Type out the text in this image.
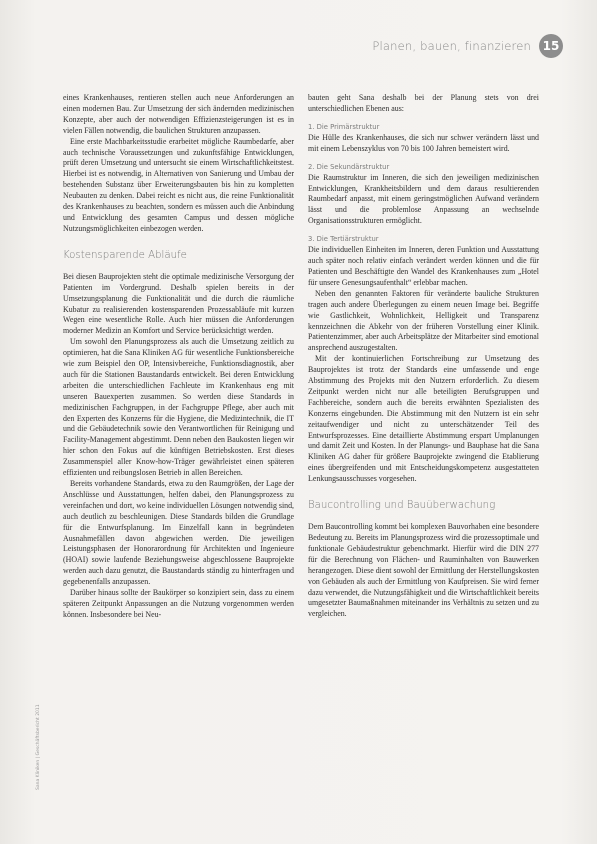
Planen, bauen, finanzieren 15

eines Krankenhauses, rentieren stellen auch neue Anforderungen an einen modernen Bau. Zur Umsetzung der sich ändernden medizinischen Konzepte, aber auch der notwendigen Effizienzsteigerungen ist es in vielen Fällen notwendig, die baulichen Strukturen anzupassen.

Eine erste Machbarkeitsstudie erarbeitet mögliche Raumbedarfe, aber auch technische Voraussetzungen und zukunftsfähige Entwicklungen, prüft deren Umsetzung und untersucht sie einem Wirtschaftlichkeitstest. Hierbei ist es notwendig, in Alternativen von Sanierung und Umbau der bestehenden Substanz über Erweiterungsbauten bis hin zu kompletten Neubauten zu denken. Dabei reicht es nicht aus, die reine Funktionalität des Krankenhauses zu beachten, sondern es müssen auch die Anbindung und Entwicklung des gesamten Campus und dessen mögliche Nutzungsmöglichkeiten einbezogen werden.

Kostensparende Abläufe

Bei diesen Bauprojekten steht die optimale medizinische Versorgung der Patienten im Vordergrund. Deshalb spielen bereits in der Umsetzungsplanung die Funktionalität und die durch die räumliche Kubatur zu realisierenden kostensparenden Prozessabläufe mit kurzen Wegen eine wesentliche Rolle. Auch hier müssen die Anforderungen moderner Medizin an Komfort und Service berücksichtigt werden.

Um sowohl den Planungsprozess als auch die Umsetzung zeitlich zu optimieren, hat die Sana Kliniken AG für wesentliche Funktionsbereiche wie zum Beispiel den OP, Intensivbereiche, Funktionsdiagnostik, aber auch für die Stationen Baustandards entwickelt. Bei deren Entwicklung arbeiten die unterschiedlichen Fachleute im Krankenhaus eng mit unseren Bauexperten zusammen. So werden diese Standards in medizinischen Fachgruppen, in der Fachgruppe Pflege, aber auch mit den Experten des Konzerns für die Hygiene, die Medizintechnik, die IT und die Gebäudetechnik sowie den Verantwortlichen für Reinigung und Facility-Management abgestimmt. Denn neben den Baukosten liegen wir hier schon den Fokus auf die künftigen Betriebskosten. Erst dieses Zusammenspiel aller Know-how-Träger gewährleistet einen späteren effizienten und reibungslosen Betrieb in allen Bereichen.

Bereits vorhandene Standards, etwa zu den Raumgrößen, der Lage der Anschlüsse und Ausstattungen, helfen dabei, den Planungsprozess zu vereinfachen und dort, wo keine individuellen Lösungen notwendig sind, auch deutlich zu beschleunigen. Diese Standards bilden die Grundlage für die Entwurfsplanung. Im Einzelfall kann in begründeten Ausnahmefällen davon abgewichen werden. Die jeweiligen Leistungsphasen der Honorarordnung für Architekten und Ingenieure (HOAI) sowie laufende Beziehungsweise abgeschlossene Bauprojekte werden auch dazu genutzt, die Baustandards ständig zu hinterfragen und gegebenenfalls anzupassen.

Darüber hinaus sollte der Baukörper so konzipiert sein, dass zu einem späteren Zeitpunkt Anpassungen an die Nutzung vorgenommen werden können. Insbesondere bei Neu-

bauten geht Sana deshalb bei der Planung stets von drei unterschiedlichen Ebenen aus:

1. Die Primärstruktur

Die Hülle des Krankenhauses, die sich nur schwer verändern lässt und mit einem Lebenszyklus von 70 bis 100 Jahren bemeistert wird.

2. Die Sekundärstruktur

Die Raumstruktur im Inneren, die sich den jeweiligen medizinischen Entwicklungen, Krankheitsbildern und dem daraus resultierenden Raumbedarf anpasst, mit einem geringstmöglichen Aufwand verändern lässt und die problemlose Anpassung an wechselnde Organisationsstrukturen ermöglicht.

3. Die Tertiärstruktur

Die individuellen Einheiten im Inneren, deren Funktion und Ausstattung auch später noch relativ einfach verändert werden können und die für Patienten und Beschäftigte den Wandel des Krankenhauses zum „Hotel für unsere Genesungsaufenthalt“ erlebbar machen.

Neben den genannten Faktoren für veränderte bauliche Strukturen tragen auch andere Überlegungen zu einem neuen Image bei. Begriffe wie Gastlichkeit, Wohnlichkeit, Helligkeit und Transparenz kennzeichnen die Abkehr von der früheren Vorstellung einer Klinik. Patientenzimmer, aber auch Arbeitsplätze der Mitarbeiter sind emotional ansprechend auszugestalten.

Mit der kontinuierlichen Fortschreibung zur Umsetzung des Bauprojektes ist trotz der Standards eine umfassende und enge Abstimmung des Projekts mit den Nutzern erforderlich. Zu diesem Zeitpunkt werden nicht nur alle beteiligten Berufsgruppen und Fachbereiche, sondern auch die bereits erwähnten Spezialisten des Konzerns eingebunden. Die Abstimmung mit den Nutzern ist ein sehr zeitaufwendiger und nicht zu unterschätzender Teil des Entwurfsprozesses. Eine detaillierte Abstimmung erspart Umplanungen und damit Zeit und Kosten. In der Planungs- und Bauphase hat die Sana Kliniken AG daher für größere Bauprojekte zwingend die Etablierung eines übergreifenden und mit Entscheidungskompetenz ausgestatteten Lenkungsausschusses vorgesehen.

Baucontrolling und Bauüberwachung

Dem Baucontrolling kommt bei komplexen Bauvorhaben eine besondere Bedeutung zu. Bereits im Planungsprozess wird die prozessoptimale und funktionale Gebäudestruktur gebenchmarkt. Hierfür wird die DIN 277 für die Berechnung von Flächen- und Rauminhalten von Bauwerken herangezogen. Diese dient sowohl der Ermittlung der Herstellungskosten von Gebäuden als auch der Ermittlung von Kaufpreisen. Sie wird ferner dazu verwendet, die Nutzungsfähigkeit und die Wirtschaftlichkeit bereits umgesetzter Baumaßnahmen miteinander ins Verhältnis zu setzen und zu vergleichen.

Sana Kliniken | Geschäftsbericht 2011
